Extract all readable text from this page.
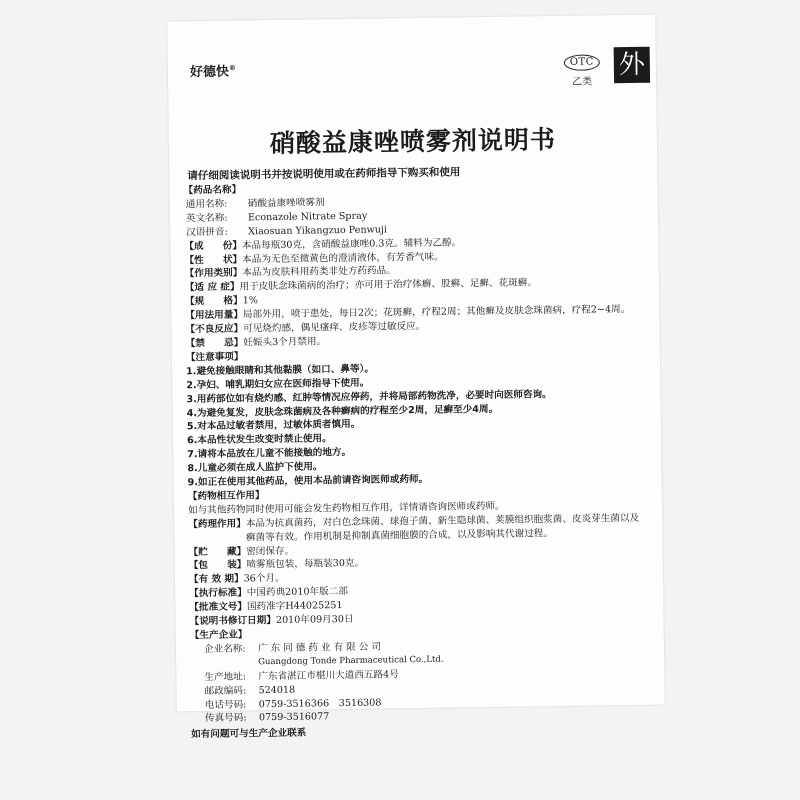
好德快®
OTC
乙类
外
硝酸益康唑喷雾剂说明书
请仔细阅读说明书并按说明使用或在药师指导下购买和使用
【药品名称】
通用名称: 硝酸益康唑喷雾剂
英文名称: Econazole Nitrate Spray
汉语拼音: Xiaosuan Yikangzuo Penwuji
【成　　份】 本品每瓶30克，含硝酸益康唑0.3克。辅料为乙醇。
【性　　状】 本品为无色至微黄色的澄清液体，有芳香气味。
【作用类别】 本品为皮肤科用药类非处方药药品。
【适 应 症】 用于皮肤念珠菌病的治疗；亦可用于治疗体癣、股癣、足癣、花斑癣。
【规　　格】 1%
【用法用量】 局部外用，喷于患处，每日2次；花斑癣，疗程2周；其他癣及皮肤念珠菌病，疗程2~4周。
【不良反应】 可见烧灼感，偶见瘙痒、皮疹等过敏反应。
【禁　　忌】 妊娠头3个月禁用。
【注意事项】
1.避免接触眼睛和其他黏膜（如口、鼻等）。
2.孕妇、哺乳期妇女应在医师指导下使用。
3.用药部位如有烧灼感、红肿等情况应停药，并将局部药物洗净，必要时向医师咨询。
4.为避免复发，皮肤念珠菌病及各种癣病的疗程至少2周，足癣至少4周。
5.对本品过敏者禁用，过敏体质者慎用。
6.本品性状发生改变时禁止使用。
7.请将本品放在儿童不能接触的地方。
8.儿童必须在成人监护下使用。
9.如正在使用其他药品，使用本品前请咨询医师或药师。
【药物相互作用】
如与其他药物同时使用可能会发生药物相互作用，详情请咨询医师或药师。
【药理作用】 本品为抗真菌药，对白色念珠菌、球孢子菌、新生隐球菌、荚膜组织胞浆菌、皮炎芽生菌以及癣菌等有效。作用机制是抑制真菌细胞膜的合成，以及影响其代谢过程。
【贮　　藏】 密闭保存。
【包　　装】 喷雾瓶包装，每瓶装30克。
【有 效 期】 36个月。
【执行标准】 中国药典2010年版二部
【批准文号】 国药准字H44025251
【说明书修订日期】 2010年09月30日
【生产企业】
企业名称: 广东同德药业有限公司
Guangdong Tonde Pharmaceutical Co.,Ltd.
生产地址: 广东省湛江市椹川大道西五路4号
邮政编码: 524018
电话号码: 0759-3516366　3516308
传真号码: 0759-3516077
如有问题可与生产企业联系
